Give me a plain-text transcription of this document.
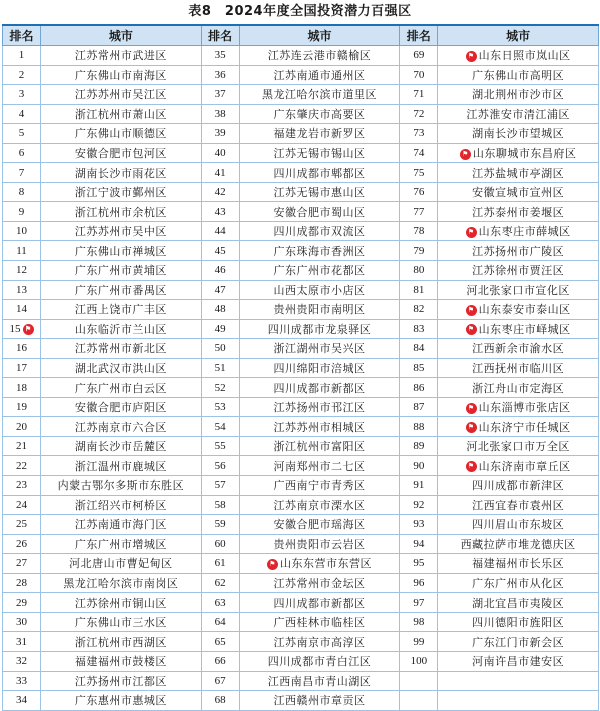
表8　2024年度全国投资潜力百强区
排名	城市	排名	城市	排名	城市
1	江苏常州市武进区	35	江苏连云港市赣榆区	69	⚑ 山东日照市岚山区
2	广东佛山市南海区	36	江苏南通市通州区	70	广东佛山市高明区
3	江苏苏州市吴江区	37	黑龙江哈尔滨市道里区	71	湖北荆州市沙市区
4	浙江杭州市萧山区	38	广东肇庆市高要区	72	江苏淮安市清江浦区
5	广东佛山市顺德区	39	福建龙岩市新罗区	73	湖南长沙市望城区
6	安徽合肥市包河区	40	江苏无锡市锡山区	74	⚑ 山东聊城市东昌府区
7	湖南长沙市雨花区	41	四川成都市郫都区	75	江苏盐城市亭湖区
8	浙江宁波市鄞州区	42	江苏无锡市惠山区	76	安徽宣城市宣州区
9	浙江杭州市余杭区	43	安徽合肥市蜀山区	77	江苏泰州市姜堰区
10	江苏苏州市吴中区	44	四川成都市双流区	78	⚑ 山东枣庄市薛城区
11	广东佛山市禅城区	45	广东珠海市香洲区	79	江苏扬州市广陵区
12	广东广州市黄埔区	46	广东广州市花都区	80	江苏徐州市贾汪区
13	广东广州市番禺区	47	山西太原市小店区	81	河北张家口市宣化区
14	江西上饶市广丰区	48	贵州贵阳市南明区	82	⚑ 山东泰安市泰山区
15 ⚑	山东临沂市兰山区	49	四川成都市龙泉驿区	83	⚑ 山东枣庄市峄城区
16	江苏常州市新北区	50	浙江湖州市吴兴区	84	江西新余市渝水区
17	湖北武汉市洪山区	51	四川绵阳市涪城区	85	江西抚州市临川区
18	广东广州市白云区	52	四川成都市新都区	86	浙江舟山市定海区
19	安徽合肥市庐阳区	53	江苏扬州市邗江区	87	⚑ 山东淄博市张店区
20	江苏南京市六合区	54	江苏苏州市相城区	88	⚑ 山东济宁市任城区
21	湖南长沙市岳麓区	55	浙江杭州市富阳区	89	河北张家口市万全区
22	浙江温州市鹿城区	56	河南郑州市二七区	90	⚑ 山东济南市章丘区
23	内蒙古鄂尔多斯市东胜区	57	广西南宁市青秀区	91	四川成都市新津区
24	浙江绍兴市柯桥区	58	江苏南京市溧水区	92	江西宜春市袁州区
25	江苏南通市海门区	59	安徽合肥市瑶海区	93	四川眉山市东坡区
26	广东广州市增城区	60	贵州贵阳市云岩区	94	西藏拉萨市堆龙德庆区
27	河北唐山市曹妃甸区	61	⚑ 山东东营市东营区	95	福建福州市长乐区
28	黑龙江哈尔滨市南岗区	62	江苏常州市金坛区	96	广东广州市从化区
29	江苏徐州市铜山区	63	四川成都市新都区	97	湖北宜昌市夷陵区
30	广东佛山市三水区	64	广西桂林市临桂区	98	四川德阳市旌阳区
31	浙江杭州市西湖区	65	江苏南京市高淳区	99	广东江门市新会区
32	福建福州市鼓楼区	66	四川成都市青白江区	100	河南许昌市建安区
33	江苏扬州市江都区	67	江西南昌市青山湖区		
34	广东惠州市惠城区	68	江西赣州市章贡区		
